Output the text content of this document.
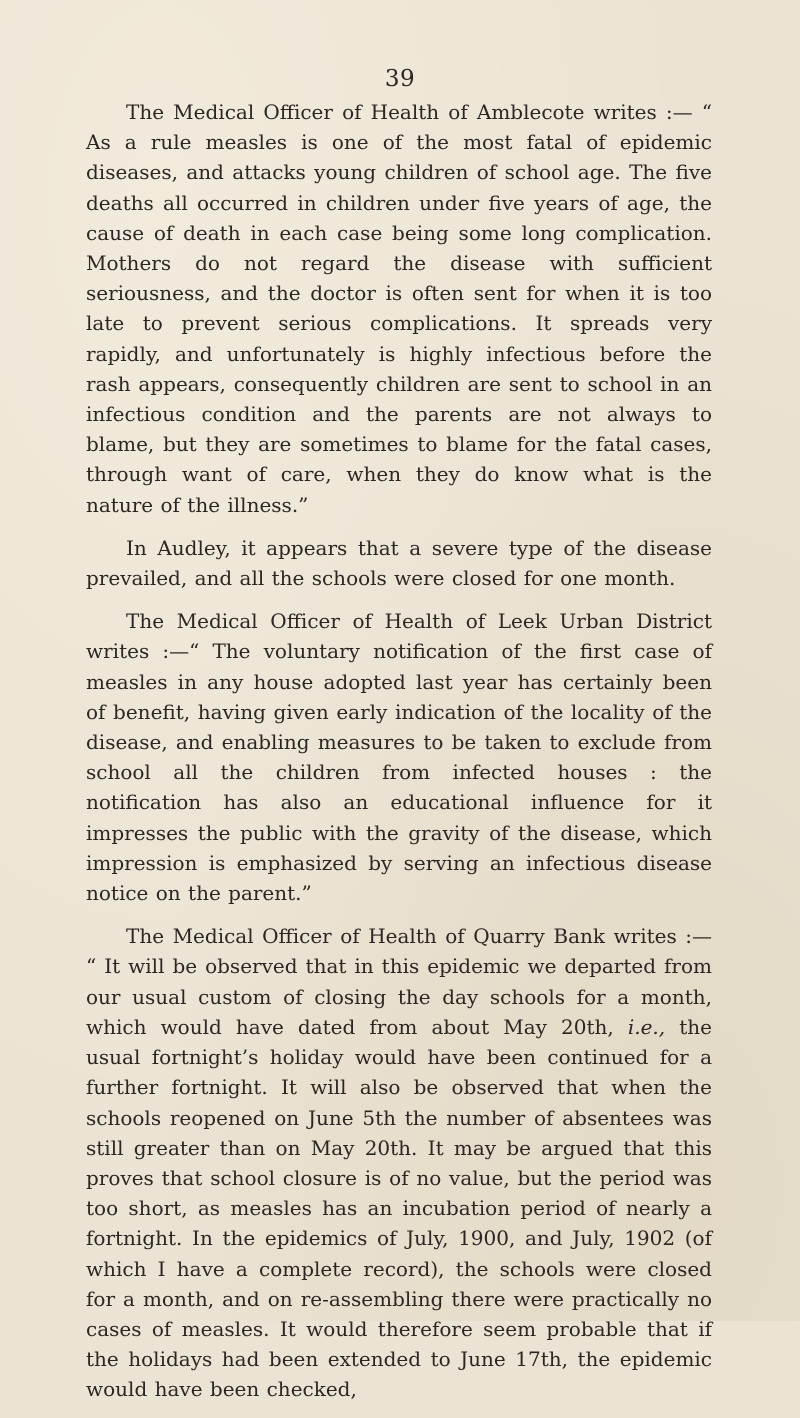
39

The Medical Officer of Health of Amblecote writes :— “ As a rule measles is one of the most fatal of epidemic diseases, and attacks young children of school age. The five deaths all occurred in children under five years of age, the cause of death in each case being some long complication. Mothers do not regard the disease with sufficient seriousness, and the doctor is often sent for when it is too late to prevent serious complications. It spreads very rapidly, and unfortunately is highly infectious before the rash appears, consequently children are sent to school in an infectious condition and the parents are not always to blame, but they are sometimes to blame for the fatal cases, through want of care, when they do know what is the nature of the illness.”

In Audley, it appears that a severe type of the disease prevailed, and all the schools were closed for one month.

The Medical Officer of Health of Leek Urban District writes :—“ The voluntary notification of the first case of measles in any house adopted last year has certainly been of benefit, having given early indication of the locality of the disease, and enabling measures to be taken to exclude from school all the children from infected houses : the notification has also an educational influence for it impresses the public with the gravity of the disease, which impression is emphasized by serving an infectious disease notice on the parent.”

The Medical Officer of Health of Quarry Bank writes :— “ It will be observed that in this epidemic we departed from our usual custom of closing the day schools for a month, which would have dated from about May 20th, i.e., the usual fortnight’s holiday would have been continued for a further fortnight. It will also be observed that when the schools reopened on June 5th the number of absentees was still greater than on May 20th. It may be argued that this proves that school closure is of no value, but the period was too short, as measles has an incubation period of nearly a fortnight. In the epidemics of July, 1900, and July, 1902 (of which I have a complete record), the schools were closed for a month, and on re-assembling there were practically no cases of measles. It would therefore seem probable that if the holidays had been extended to June 17th, the epidemic would have been checked,
